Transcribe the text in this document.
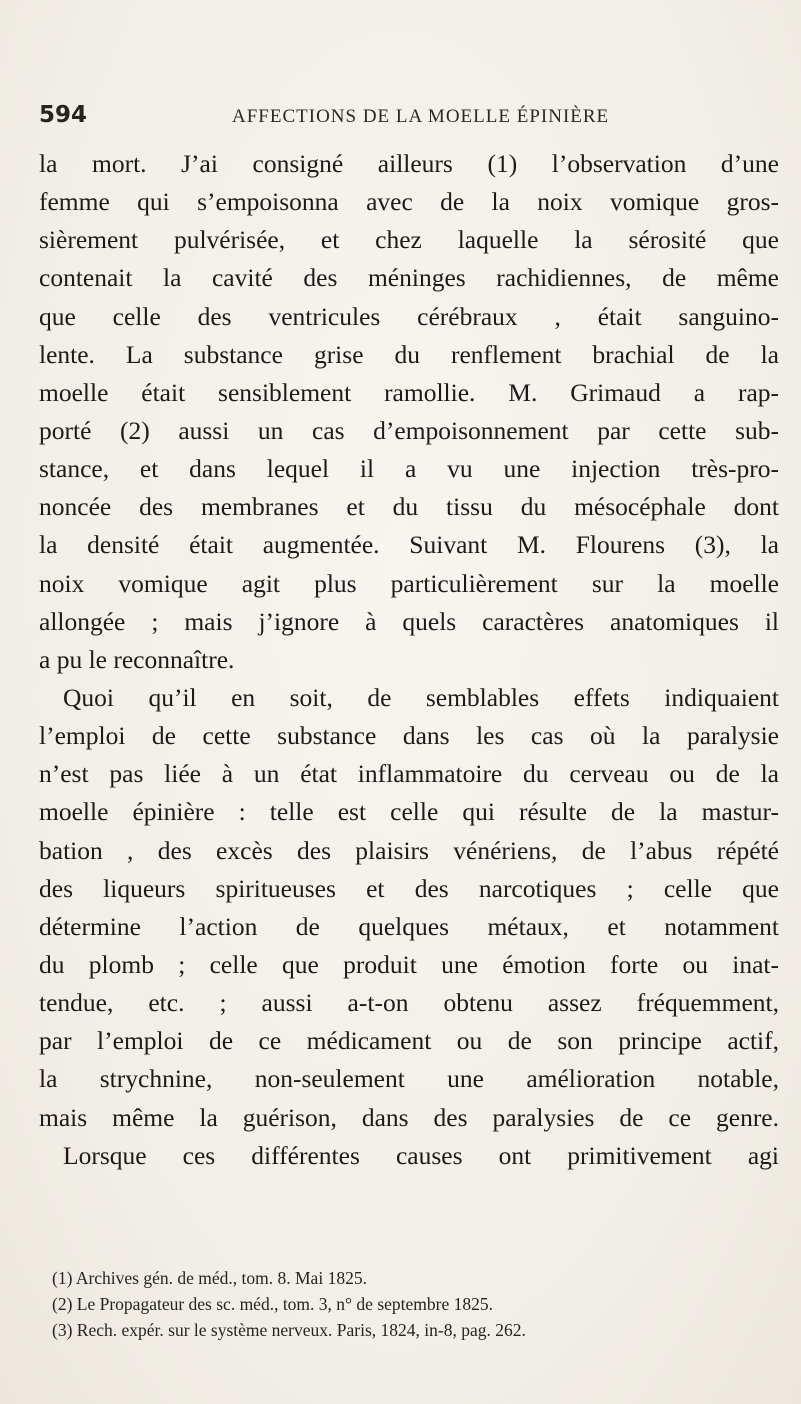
594	AFFECTIONS DE LA MOELLE ÉPINIÈRE
la mort. J’ai consigné ailleurs (1) l’observation d’une
femme qui s’empoisonna avec de la noix vomique gros-
sièrement pulvérisée, et chez laquelle la sérosité que
contenait la cavité des méninges rachidiennes, de même
que celle des ventricules cérébraux , était sanguino-
lente. La substance grise du renflement brachial de la
moelle était sensiblement ramollie. M. Grimaud a rap-
porté (2) aussi un cas d’empoisonnement par cette sub-
stance, et dans lequel il a vu une injection très-pro-
noncée des membranes et du tissu du mésocéphale dont
la densité était augmentée. Suivant M. Flourens (3), la
noix vomique agit plus particulièrement sur la moelle
allongée ; mais j’ignore à quels caractères anatomiques il
a pu le reconnaître.
Quoi qu’il en soit, de semblables effets indiquaient
l’emploi de cette substance dans les cas où la paralysie
n’est pas liée à un état inflammatoire du cerveau ou de la
moelle épinière : telle est celle qui résulte de la mastur-
bation , des excès des plaisirs vénériens, de l’abus répété
des liqueurs spiritueuses et des narcotiques ; celle que
détermine l’action de quelques métaux, et notamment
du plomb ; celle que produit une émotion forte ou inat-
tendue, etc. ; aussi a-t-on obtenu assez fréquemment,
par l’emploi de ce médicament ou de son principe actif,
la strychnine, non-seulement une amélioration notable,
mais même la guérison, dans des paralysies de ce genre.
Lorsque ces différentes causes ont primitivement agi
(1) Archives gén. de méd., tom. 8. Mai 1825.
(2) Le Propagateur des sc. méd., tom. 3, n° de septembre 1825.
(3) Rech. expér. sur le système nerveux. Paris, 1824, in-8, pag. 262.
